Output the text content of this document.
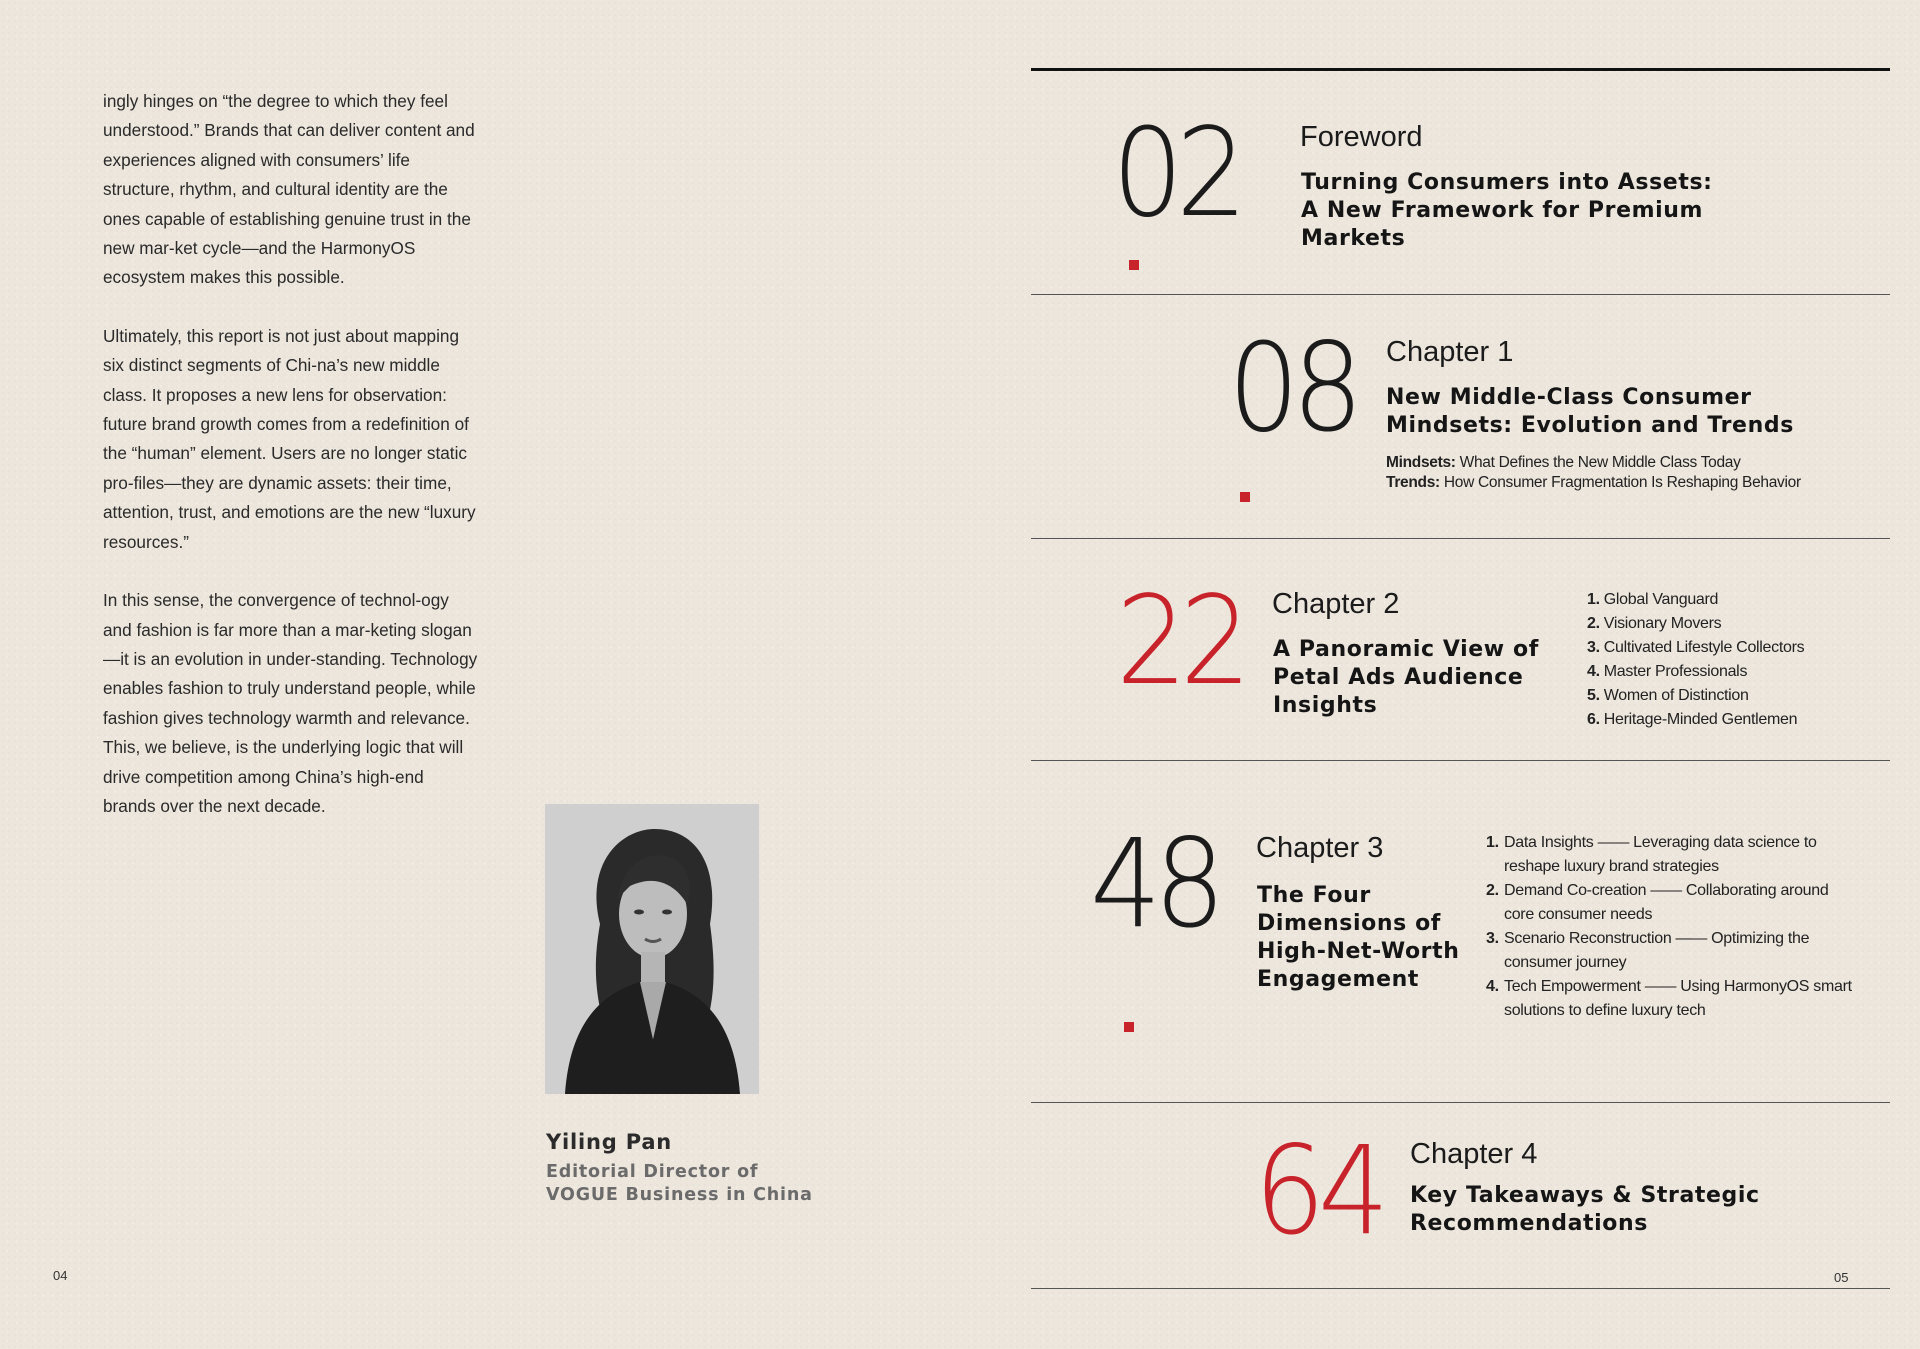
ingly hinges on “the degree to which they feel understood.” Brands that can deliver content and experiences aligned with consumers’ life structure, rhythm, and cultural identity are the ones capable of establishing genuine trust in the new mar-ket cycle—and the HarmonyOS ecosystem makes this possible.

Ultimately, this report is not just about mapping six distinct segments of Chi-na’s new middle class. It proposes a new lens for observation: future brand growth comes from a redefinition of the “human” element. Users are no longer static pro-files—they are dynamic assets: their time, attention, trust, and emotions are the new “luxury resources.”

In this sense, the convergence of technol-ogy and fashion is far more than a mar-keting slogan—it is an evolution in under-standing. Technology enables fashion to truly understand people, while fashion gives technology warmth and relevance. This, we believe, is the underlying logic that will drive competition among China’s high-end brands over the next decade.

Yiling Pan
Editorial Director of
VOGUE Business in China
04
02 Foreword
Turning Consumers into Assets:
A New Framework for Premium
Markets
08 Chapter 1
New Middle-Class Consumer
Mindsets: Evolution and Trends
Mindsets: What Defines the New Middle Class Today
Trends: How Consumer Fragmentation Is Reshaping Behavior
22 Chapter 2
A Panoramic View of
Petal Ads Audience
Insights
1. Global Vanguard
2. Visionary Movers
3. Cultivated Lifestyle Collectors
4. Master Professionals
5. Women of Distinction
6. Heritage-Minded Gentlemen
48 Chapter 3
The Four
Dimensions of
High-Net-Worth
Engagement
1. Data Insights —— Leveraging data science to reshape luxury brand strategies
2. Demand Co-creation —— Collaborating around core consumer needs
3. Scenario Reconstruction —— Optimizing the consumer journey
4. Tech Empowerment —— Using HarmonyOS smart solutions to define luxury tech
64 Chapter 4
Key Takeaways & Strategic
Recommendations
05
